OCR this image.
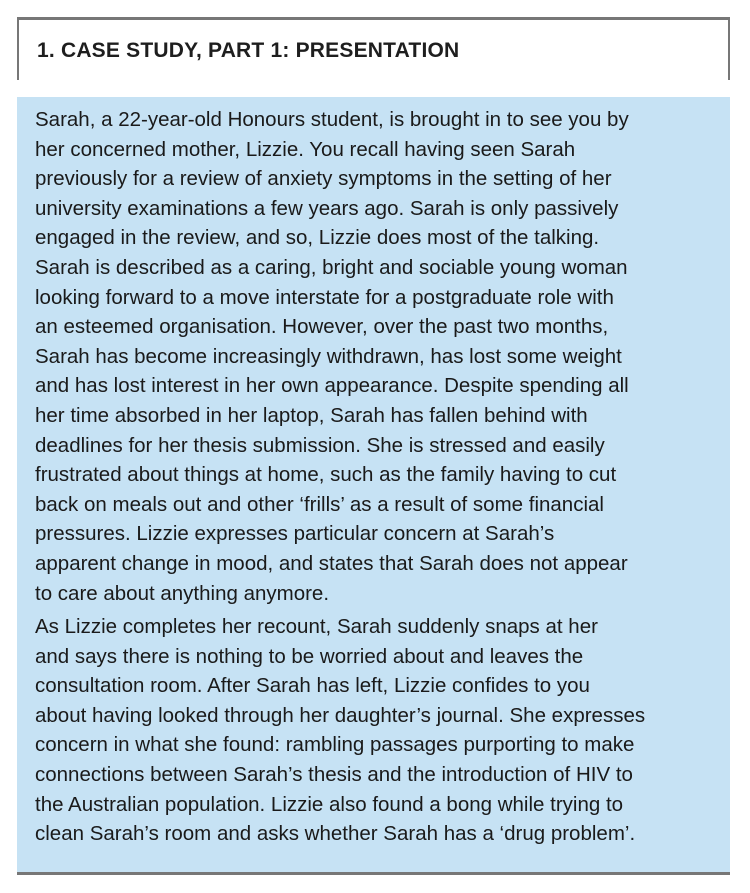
1. CASE STUDY, PART 1: PRESENTATION

Sarah, a 22-year-old Honours student, is brought in to see you by
her concerned mother, Lizzie. You recall having seen Sarah
previously for a review of anxiety symptoms in the setting of her
university examinations a few years ago. Sarah is only passively
engaged in the review, and so, Lizzie does most of the talking.
Sarah is described as a caring, bright and sociable young woman
looking forward to a move interstate for a postgraduate role with
an esteemed organisation. However, over the past two months,
Sarah has become increasingly withdrawn, has lost some weight
and has lost interest in her own appearance. Despite spending all
her time absorbed in her laptop, Sarah has fallen behind with
deadlines for her thesis submission. She is stressed and easily
frustrated about things at home, such as the family having to cut
back on meals out and other ‘frills’ as a result of some financial
pressures. Lizzie expresses particular concern at Sarah’s
apparent change in mood, and states that Sarah does not appear
to care about anything anymore.

As Lizzie completes her recount, Sarah suddenly snaps at her
and says there is nothing to be worried about and leaves the
consultation room. After Sarah has left, Lizzie confides to you
about having looked through her daughter’s journal. She expresses
concern in what she found: rambling passages purporting to make
connections between Sarah’s thesis and the introduction of HIV to
the Australian population. Lizzie also found a bong while trying to
clean Sarah’s room and asks whether Sarah has a ‘drug problem’.
